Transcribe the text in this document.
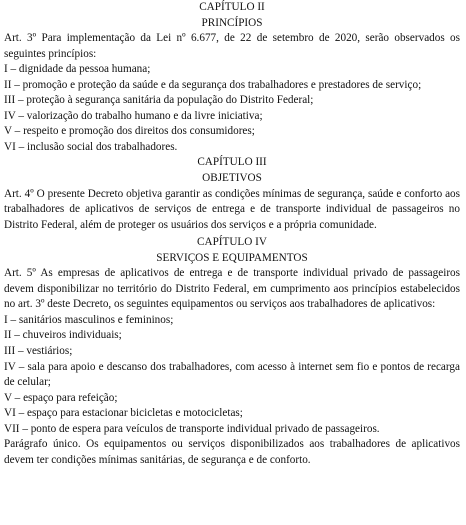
CAPÍTULO II
PRINCÍPIOS

Art. 3º Para implementação da Lei nº 6.677, de 22 de setembro de 2020, serão observados os seguintes princípios:

I – dignidade da pessoa humana;

II – promoção e proteção da saúde e da segurança dos trabalhadores e prestadores de serviço;

III – proteção à segurança sanitária da população do Distrito Federal;

IV – valorização do trabalho humano e da livre iniciativa;

V – respeito e promoção dos direitos dos consumidores;

VI – inclusão social dos trabalhadores.

CAPÍTULO III
OBJETIVOS

Art. 4º O presente Decreto objetiva garantir as condições mínimas de segurança, saúde e conforto aos trabalhadores de aplicativos de serviços de entrega e de transporte individual de passageiros no Distrito Federal, além de proteger os usuários dos serviços e a própria comunidade.

CAPÍTULO IV
SERVIÇOS E EQUIPAMENTOS

Art. 5º As empresas de aplicativos de entrega e de transporte individual privado de passageiros devem disponibilizar no território do Distrito Federal, em cumprimento aos princípios estabelecidos no art. 3º deste Decreto, os seguintes equipamentos ou serviços aos trabalhadores de aplicativos:

I – sanitários masculinos e femininos;

II – chuveiros individuais;

III – vestiários;

IV – sala para apoio e descanso dos trabalhadores, com acesso à internet sem fio e pontos de recarga de celular;

V – espaço para refeição;

VI – espaço para estacionar bicicletas e motocicletas;

VII – ponto de espera para veículos de transporte individual privado de passageiros.

Parágrafo único. Os equipamentos ou serviços disponibilizados aos trabalhadores de aplicativos devem ter condições mínimas sanitárias, de segurança e de conforto.
